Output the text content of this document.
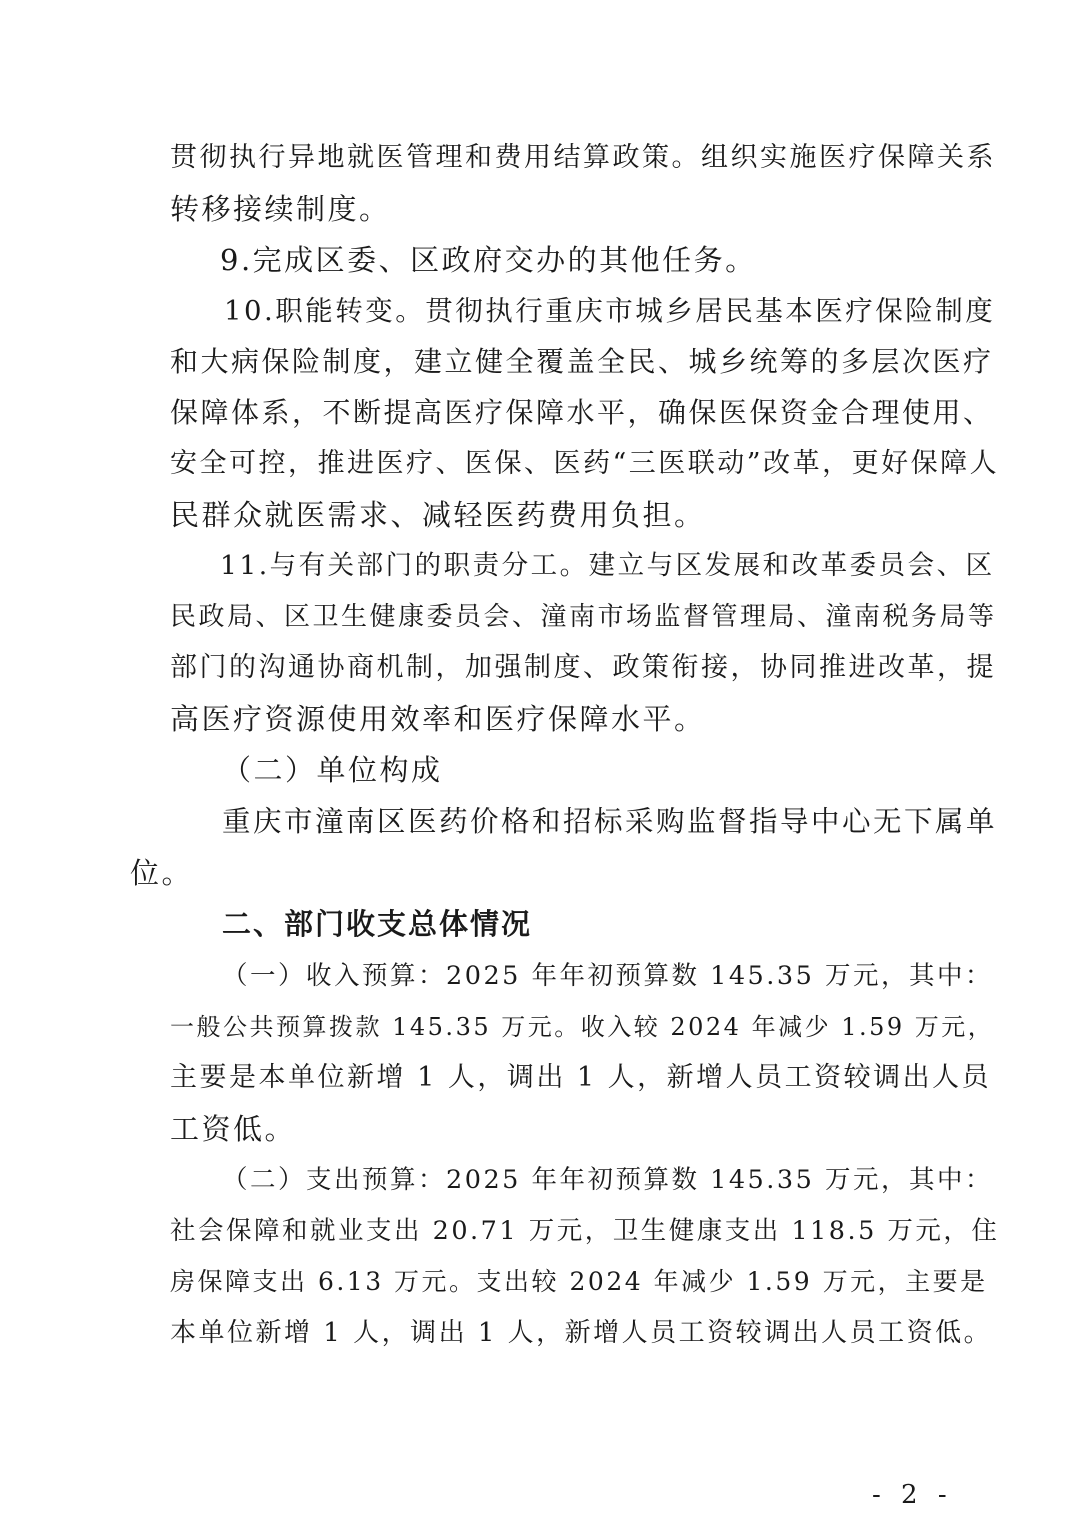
贯彻执行异地就医管理和费用结算政策。组织实施医疗保障关系
转移接续制度。
9.完成区委、区政府交办的其他任务。
10.职能转变。贯彻执行重庆市城乡居民基本医疗保险制度
和大病保险制度，建立健全覆盖全民、城乡统筹的多层次医疗
保障体系，不断提高医疗保障水平，确保医保资金合理使用、
安全可控，推进医疗、医保、医药“三医联动”改革，更好保障人
民群众就医需求、减轻医药费用负担。
11.与有关部门的职责分工。建立与区发展和改革委员会、区
民政局、区卫生健康委员会、潼南市场监督管理局、潼南税务局等
部门的沟通协商机制，加强制度、政策衔接，协同推进改革，提
高医疗资源使用效率和医疗保障水平。
（二）单位构成
重庆市潼南区医药价格和招标采购监督指导中心无下属单
位。
二、部门收支总体情况
（一）收入预算：2025 年年初预算数 145.35 万元，其中：
一般公共预算拨款 145.35 万元。收入较 2024 年减少 1.59 万元，
主要是本单位新增 1 人，调出 1 人，新增人员工资较调出人员
工资低。
（二）支出预算：2025 年年初预算数 145.35 万元，其中：
社会保障和就业支出 20.71 万元，卫生健康支出 118.5 万元，住
房保障支出 6.13 万元。支出较 2024 年减少 1.59 万元，主要是
本单位新增 1 人，调出 1 人，新增人员工资较调出人员工资低。
- 2 -
